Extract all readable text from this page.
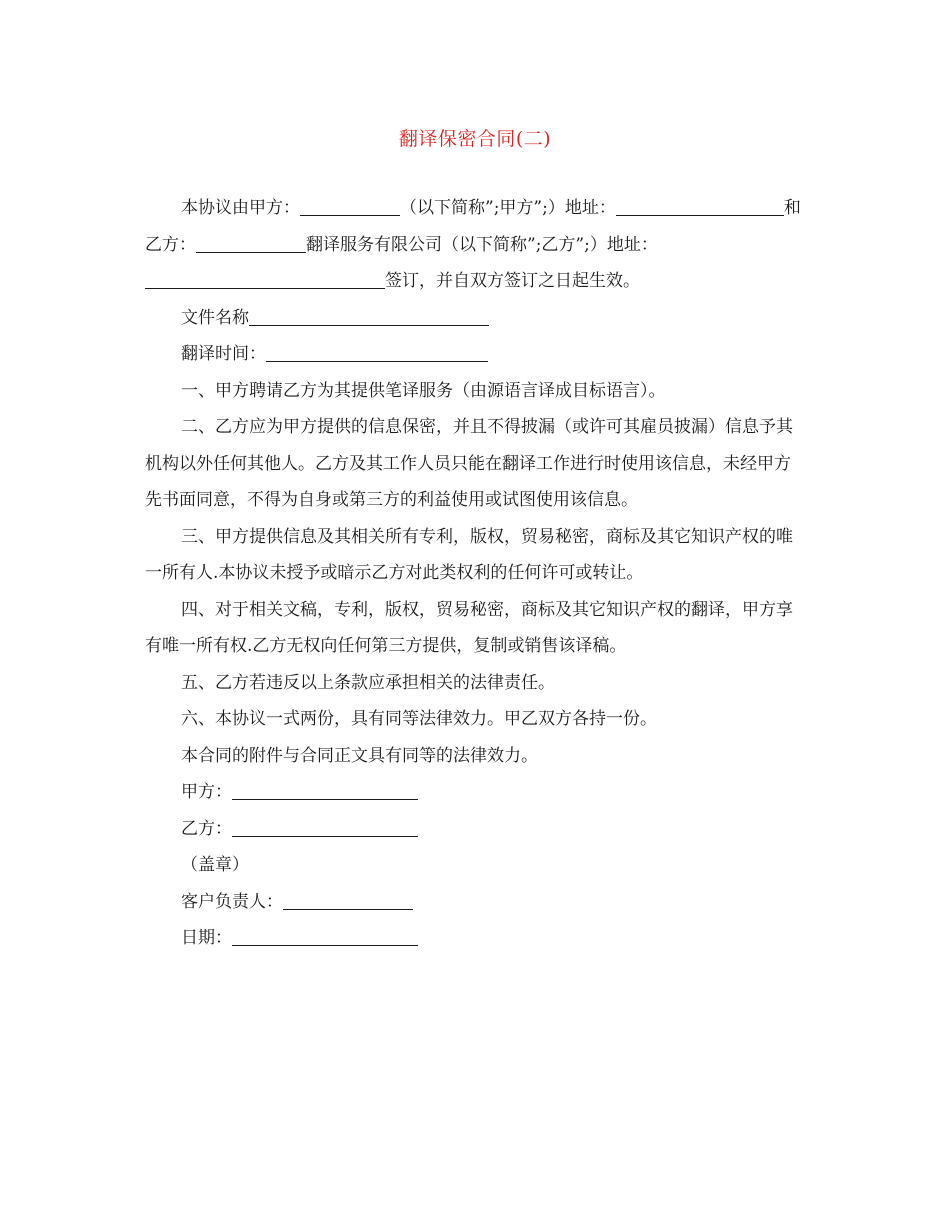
翻译保密合同(二)

本协议由甲方：	（以下简称”;甲方”;）地址：	和乙方：	翻译服务有限公司（以下简称”;乙方”;）地址：签订，并自双方签订之日起生效。

文件名称

翻译时间：

一、甲方聘请乙方为其提供笔译服务（由源语言译成目标语言）。

二、乙方应为甲方提供的信息保密，并且不得披漏（或许可其雇员披漏）信息予其机构以外任何其他人。乙方及其工作人员只能在翻译工作进行时使用该信息，未经甲方先书面同意，不得为自身或第三方的利益使用或试图使用该信息。

三、甲方提供信息及其相关所有专利，版权，贸易秘密，商标及其它知识产权的唯一所有人.本协议未授予或暗示乙方对此类权利的任何许可或转让。

四、对于相关文稿，专利，版权，贸易秘密，商标及其它知识产权的翻译，甲方享有唯一所有权.乙方无权向任何第三方提供，复制或销售该译稿。

五、乙方若违反以上条款应承担相关的法律责任。

六、本协议一式两份，具有同等法律效力。甲乙双方各持一份。

本合同的附件与合同正文具有同等的法律效力。

甲方：

乙方：

（盖章）

客户负责人：

日期：
